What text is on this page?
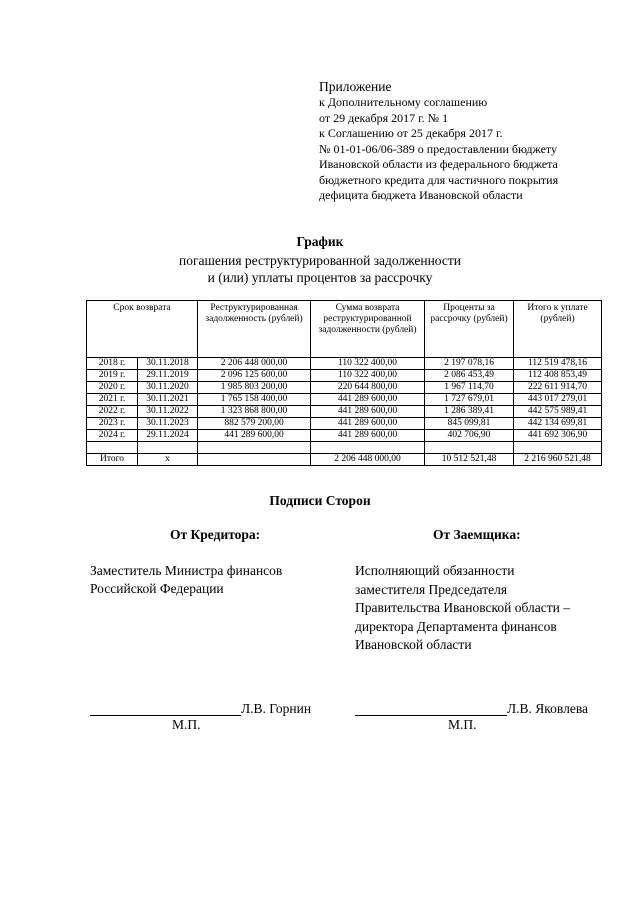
Приложение
к Дополнительному соглашению
от 29 декабря 2017 г. № 1
к Соглашению от 25 декабря 2017 г.
№ 01-01-06/06-389 о предоставлении бюджету
Ивановской области из федерального бюджета
бюджетного кредита для частичного покрытия
дефицита бюджета Ивановской области
График
погашения реструктурированной задолженности
и (или) уплаты процентов за рассрочку
Срок возврата		Реструктурированная задолженность (рублей)	Сумма возврата реструктурированной задолженности (рублей)	Проценты за рассрочку (рублей)	Итого к уплате (рублей)
2018 г.	30.11.2018	2 206 448 000,00	110 322 400,00	2 197 078,16	112 519 478,16
2019 г.	29.11.2019	2 096 125 600,00	110 322 400,00	2 086 453,49	112 408 853,49
2020 г.	30.11.2020	1 985 803 200,00	220 644 800,00	1 967 114,70	222 611 914,70
2021 г.	30.11.2021	1 765 158 400,00	441 289 600,00	1 727 679,01	443 017 279,01
2022 г.	30.11.2022	1 323 868 800,00	441 289 600,00	1 286 389,41	442 575 989,41
2023 г.	30.11.2023	882 579 200,00	441 289 600,00	845 099,81	442 134 699,81
2024 г.	29.11.2024	441 289 600,00	441 289 600,00	402 706,90	441 692 306,90

Итого	x		2 206 448 000,00	10 512 521,48	2 216 960 521,48
Подписи Сторон
От Кредитора:	От Заемщика:
Заместитель Министра финансов
Российской Федерации
Исполняющий обязанности
заместителя Председателя
Правительства Ивановской области –
директора Департамента финансов
Ивановской области
Л.В. Горнин
М.П.
Л.В. Яковлева
М.П.
